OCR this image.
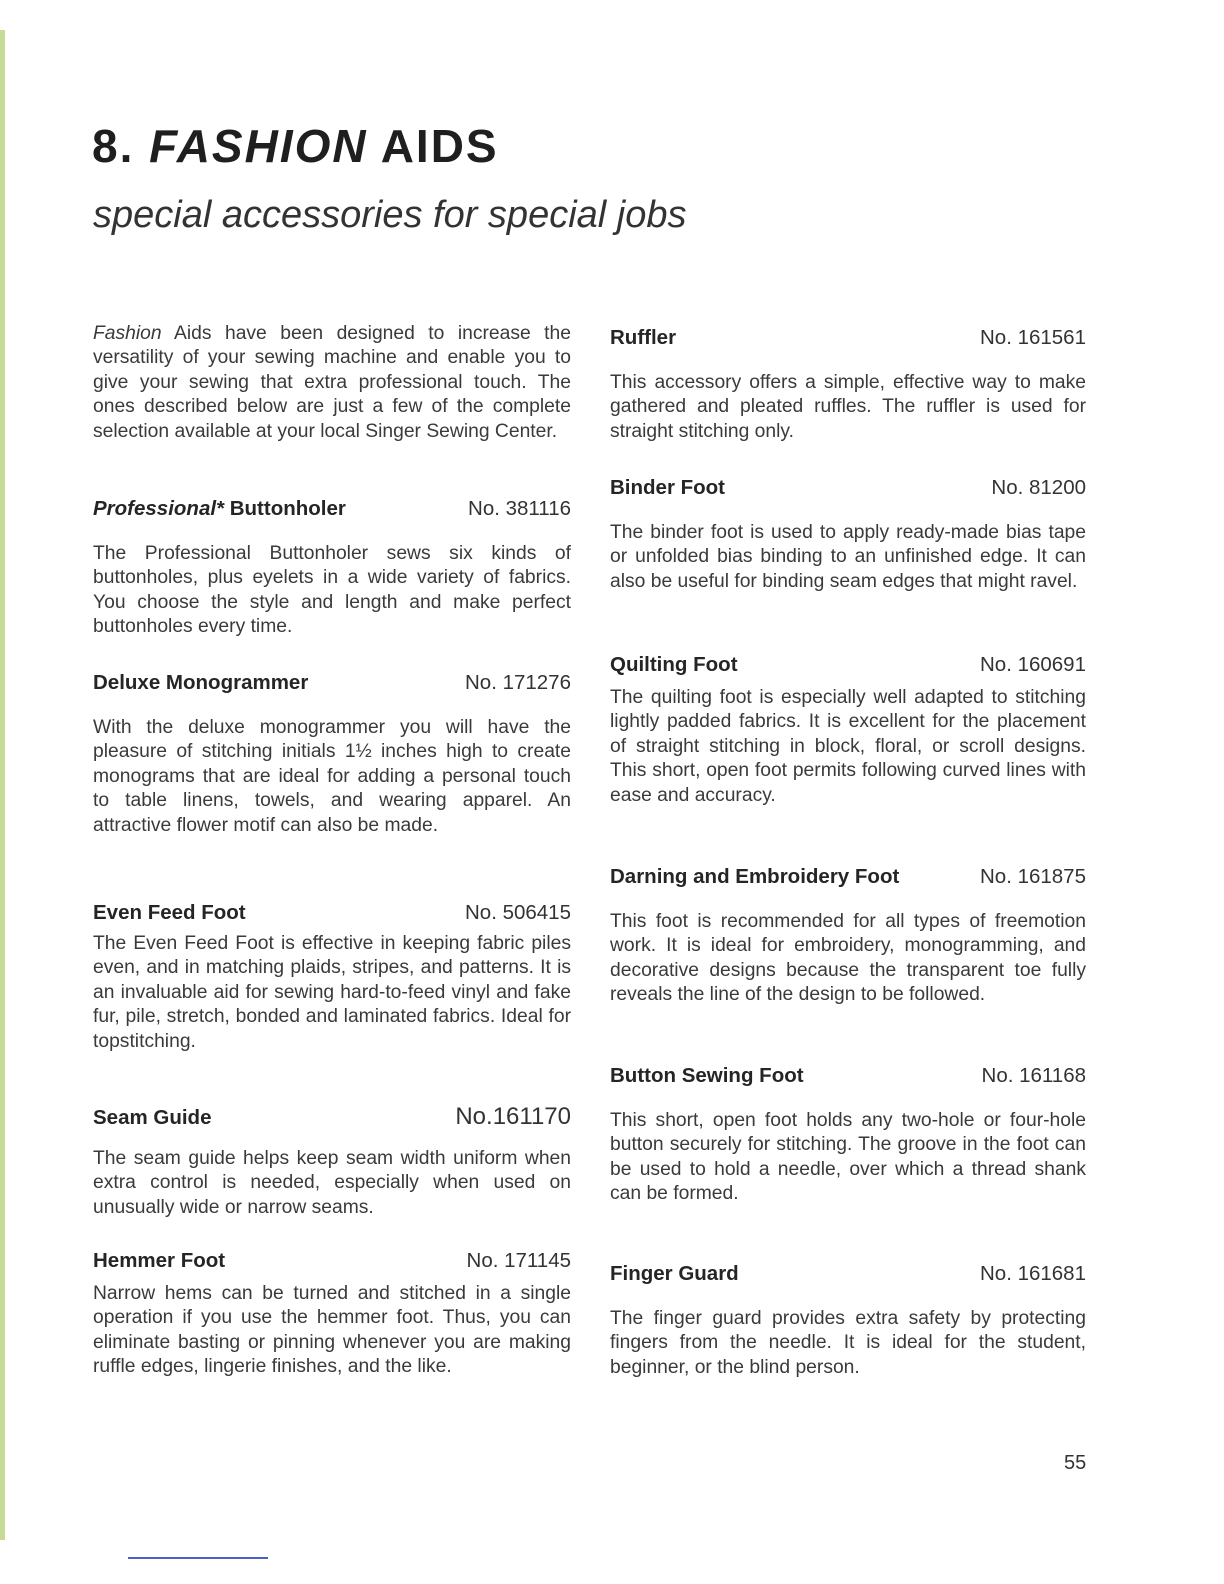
8. FASHION AIDS
special accessories for special jobs

Fashion Aids have been designed to increase the versatility of your sewing machine and enable you to give your sewing that extra professional touch. The ones described below are just a few of the complete selection available at your local Singer Sewing Center.

Professional* Buttonholer	No. 381116

The Professional Buttonholer sews six kinds of buttonholes, plus eyelets in a wide variety of fabrics. You choose the style and length and make perfect buttonholes every time.

Deluxe Monogrammer	No. 171276

With the deluxe monogrammer you will have the pleasure of stitching initials 1½ inches high to create monograms that are ideal for adding a personal touch to table linens, towels, and wearing apparel. An attractive flower motif can also be made.

Even Feed Foot	No. 506415

The Even Feed Foot is effective in keeping fabric piles even, and in matching plaids, stripes, and patterns. It is an invaluable aid for sewing hard-to-feed vinyl and fake fur, pile, stretch, bonded and laminated fabrics. Ideal for topstitching.

Seam Guide	No.161170

The seam guide helps keep seam width uniform when extra control is needed, especially when used on unusually wide or narrow seams.

Hemmer Foot	No. 171145

Narrow hems can be turned and stitched in a single operation if you use the hemmer foot. Thus, you can eliminate basting or pinning whenever you are making ruffle edges, lingerie finishes, and the like.

Ruffler	No. 161561

This accessory offers a simple, effective way to make gathered and pleated ruffles. The ruffler is used for straight stitching only.

Binder Foot	No. 81200

The binder foot is used to apply ready-made bias tape or unfolded bias binding to an unfinished edge. It can also be useful for binding seam edges that might ravel.

Quilting Foot	No. 160691

The quilting foot is especially well adapted to stitching lightly padded fabrics. It is excellent for the placement of straight stitching in block, floral, or scroll designs. This short, open foot permits following curved lines with ease and accuracy.

Darning and Embroidery Foot	No. 161875

This foot is recommended for all types of freemotion work. It is ideal for embroidery, monogramming, and decorative designs because the transparent toe fully reveals the line of the design to be followed.

Button Sewing Foot	No. 161168

This short, open foot holds any two-hole or four-hole button securely for stitching. The groove in the foot can be used to hold a needle, over which a thread shank can be formed.

Finger Guard	No. 161681

The finger guard provides extra safety by protecting fingers from the needle. It is ideal for the student, beginner, or the blind person.

55
